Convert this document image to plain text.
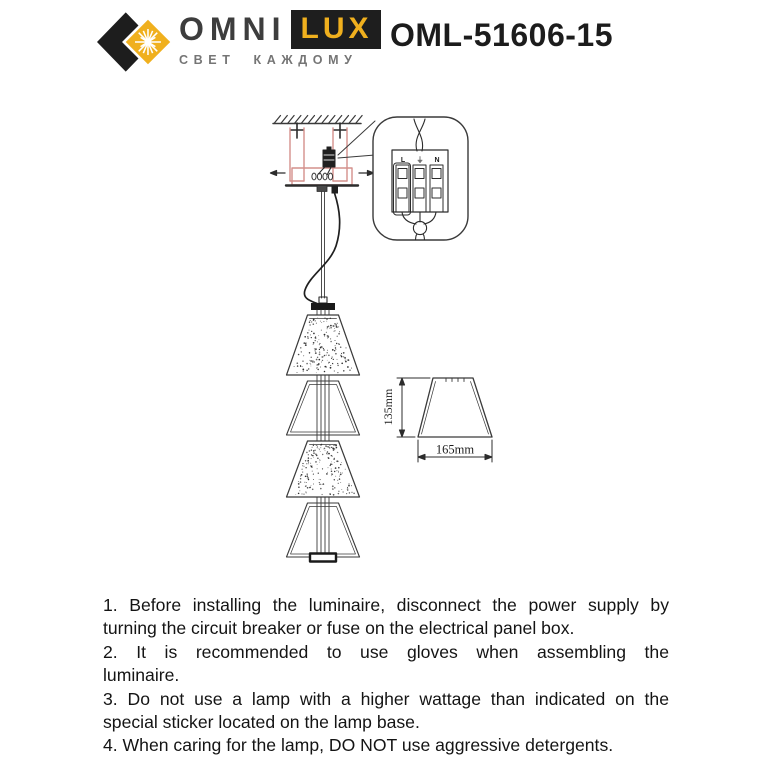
OMNI LUX
СВЕТ КАЖДОМУ
OML-51606-15
L ⏚ N
135mm
165mm

1. Before installing the luminaire, disconnect the power supply by
turning the circuit breaker or fuse on the electrical panel box.

2. It is recommended to use gloves when assembling the
luminaire.

3. Do not use a lamp with a higher wattage than indicated on the
special sticker located on the lamp base.

4. When caring for the lamp, DO NOT use aggressive detergents.
